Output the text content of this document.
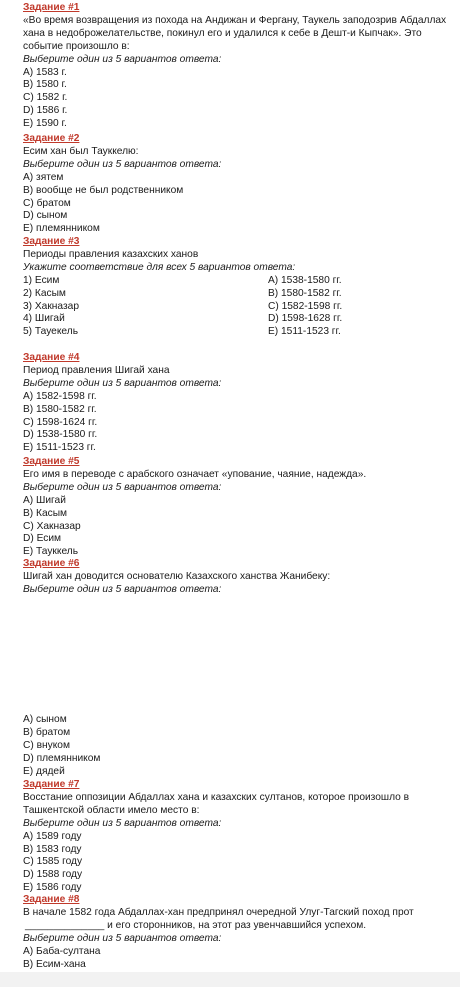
Задание #1
«Во время возвращения из похода на Андижан и Фергану, Таукель заподозрив Абдаллах хана в недоброжелательстве, покинул его и удалился к себе в Дешт-и Кыпчак». Это событие произошло в:
Выберите один из 5 вариантов ответа:
А) 1583 г.
В) 1580 г.
С) 1582 г.
D) 1586 г.
Е) 1590 г.
Задание #2
Есим хан был Тауккелю:
Выберите один из 5 вариантов ответа:
А) зятем
В) вообще не был родственником
С) братом
D) сыном
Е) племянником
Задание #3
Периоды правления казахских ханов
Укажите соответствие для всех 5 вариантов ответа:
1) Есим
2) Касым
3) Хакназар
4) Шигай
5) Тауекель
А) 1538-1580 гг.
В) 1580-1582 гг.
С) 1582-1598 гг.
D) 1598-1628 гг.
Е) 1511-1523 гг.
Задание #4
Период правления Шигай хана
Выберите один из 5 вариантов ответа:
А) 1582-1598 гг.
В) 1580-1582 гг.
С) 1598-1624 гг.
D) 1538-1580 гг.
Е) 1511-1523 гг.
Задание #5
Его имя в переводе с арабского означает «упование, чаяние, надежда».
Выберите один из 5 вариантов ответа:
А) Шигай
В) Касым
С) Хакназар
D) Есим
Е) Тауккель
Задание #6
Шигай хан доводится основателю Казахского ханства Жанибеку:
Выберите один из 5 вариантов ответа:
А) сыном
В) братом
С) внуком
D) племянником
Е) дядей
Задание #7
Восстание оппозиции Абдаллах хана и казахских султанов, которое произошло в Ташкентской области имело место в:
Выберите один из 5 вариантов ответа:
А) 1589 году
В) 1583 году
С) 1585 году
D) 1588 году
Е) 1586 году
Задание #8
В начале 1582 года Абдаллах-хан предпринял очередной Улуг-Тагский поход прот
______________ и его сторонников, на этот раз увенчавшийся успехом.
Выберите один из 5 вариантов ответа:
А) Баба-султана
В) Есим-хана
